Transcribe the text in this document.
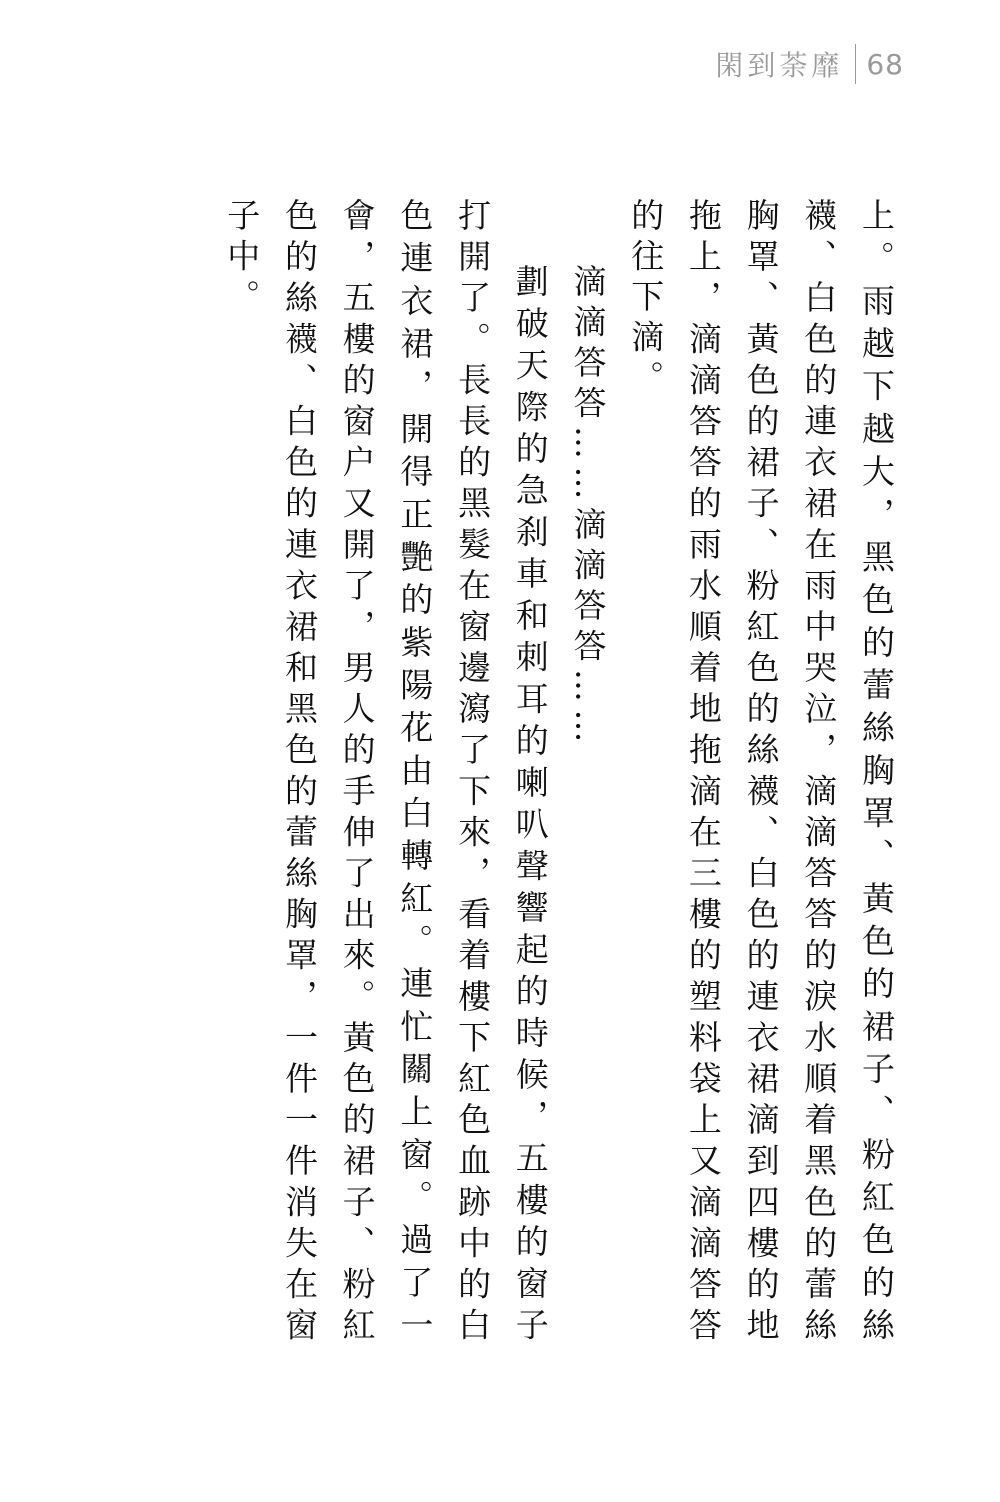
閑到荼靡 68

上。雨越下越大，黑色的蕾絲胸罩、黃色的裙子、粉紅色的絲襪、白色的連衣裙在雨中哭泣，滴滴答答的淚水順着黑色的蕾絲胸罩、黃色的裙子、粉紅色的絲襪、白色的連衣裙滴到四樓的地拖上，滴滴答答的雨水順着地拖滴在三樓的塑料袋上又滴滴答答的往下滴。

滴滴答答……滴滴答答……

劃破天際的急刹車和刺耳的喇叭聲響起的時候，五樓的窗子打開了。長長的黑髮在窗邊瀉了下來，看着樓下紅色血跡中的白色連衣裙，開得正艷的紫陽花由白轉紅。連忙關上窗。過了一會，五樓的窗户又開了，男人的手伸了出來。黃色的裙子、粉紅色的絲襪、白色的連衣裙和黑色的蕾絲胸罩，一件一件消失在窗子中。
